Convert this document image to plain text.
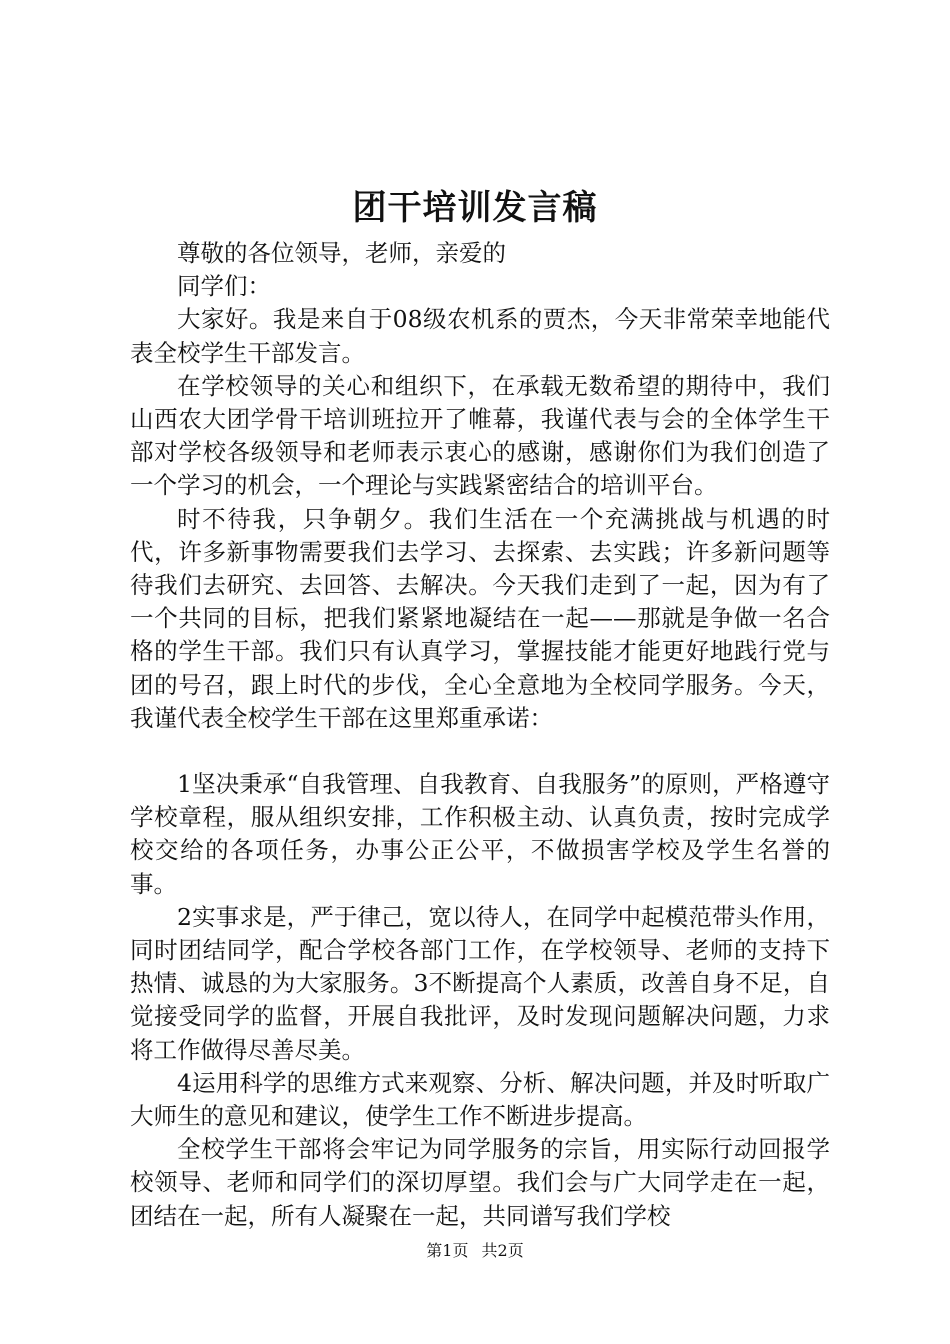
团干培训发言稿

尊敬的各位领导，老师，亲爱的

同学们：

大家好。我是来自于08级农机系的贾杰，今天非常荣幸地能代表全校学生干部发言。

在学校领导的关心和组织下，在承载无数希望的期待中，我们山西农大团学骨干培训班拉开了帷幕，我谨代表与会的全体学生干部对学校各级领导和老师表示衷心的感谢，感谢你们为我们创造了一个学习的机会，一个理论与实践紧密结合的培训平台。

时不待我，只争朝夕。我们生活在一个充满挑战与机遇的时代，许多新事物需要我们去学习、去探索、去实践；许多新问题等待我们去研究、去回答、去解决。今天我们走到了一起，因为有了一个共同的目标，把我们紧紧地凝结在一起——那就是争做一名合格的学生干部。我们只有认真学习，掌握技能才能更好地践行党与团的号召，跟上时代的步伐，全心全意地为全校同学服务。今天，我谨代表全校学生干部在这里郑重承诺：

1坚决秉承“自我管理、自我教育、自我服务”的原则，严格遵守学校章程，服从组织安排，工作积极主动、认真负责，按时完成学校交给的各项任务，办事公正公平，不做损害学校及学生名誉的事。

2实事求是，严于律己，宽以待人，在同学中起模范带头作用，同时团结同学，配合学校各部门工作，在学校领导、老师的支持下热情、诚恳的为大家服务。3不断提高个人素质，改善自身不足，自觉接受同学的监督，开展自我批评，及时发现问题解决问题，力求将工作做得尽善尽美。

4运用科学的思维方式来观察、分析、解决问题，并及时听取广大师生的意见和建议，使学生工作不断进步提高。

全校学生干部将会牢记为同学服务的宗旨，用实际行动回报学校领导、老师和同学们的深切厚望。我们会与广大同学走在一起，团结在一起，所有人凝聚在一起，共同谱写我们学校

第1页 共2页
